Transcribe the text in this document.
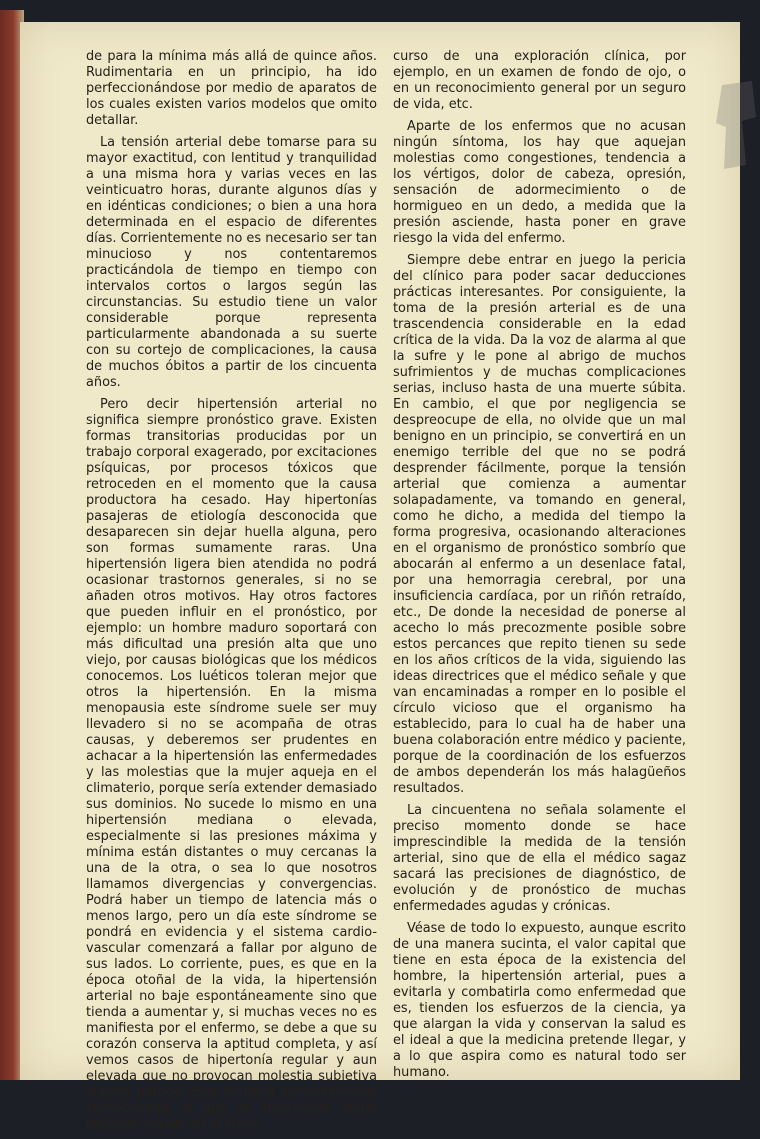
de para la mínima más allá de quince años. Rudimentaria en un principio, ha ido perfeccionándose por medio de aparatos de los cuales existen varios modelos que omito detallar.

La tensión arterial debe tomarse para su mayor exactitud, con lentitud y tranquilidad a una misma hora y varias veces en las veinticuatro horas, durante algunos días y en idénticas condiciones; o bien a una hora determinada en el espacio de diferentes días. Corrientemente no es necesario ser tan minucioso y nos contentaremos practicándola de tiempo en tiempo con intervalos cortos o largos según las circunstancias. Su estudio tiene un valor considerable porque representa particularmente abandonada a su suerte con su cortejo de complicaciones, la causa de muchos óbitos a partir de los cincuenta años.

Pero decir hipertensión arterial no significa siempre pronóstico grave. Existen formas transitorias producidas por un trabajo corporal exagerado, por excitaciones psíquicas, por procesos tóxicos que retroceden en el momento que la causa productora ha cesado. Hay hipertonías pasajeras de etiología desconocida que desaparecen sin dejar huella alguna, pero son formas sumamente raras. Una hipertensión ligera bien atendida no podrá ocasionar trastornos generales, si no se añaden otros motivos. Hay otros factores que pueden influir en el pronóstico, por ejemplo: un hombre maduro soportará con más dificultad una presión alta que uno viejo, por causas biológicas que los médicos conocemos. Los luéticos toleran mejor que otros la hipertensión. En la misma menopausia este síndrome suele ser muy llevadero si no se acompaña de otras causas, y deberemos ser prudentes en achacar a la hipertensión las enfermedades y las molestias que la mujer aqueja en el climaterio, porque sería extender demasiado sus dominios. No sucede lo mismo en una hipertensión mediana o elevada, especialmente si las presiones máxima y mínima están distantes o muy cercanas la una de la otra, o sea lo que nosotros llamamos divergencias y convergencias. Podrá haber un tiempo de latencia más o menos largo, pero un día este síndrome se pondrá en evidencia y el sistema cardio-vascular comenzará a fallar por alguno de sus lados. Lo corriente, pues, es que en la época otoñal de la vida, la hipertensión arterial no baje espontáneamente sino que tienda a aumentar y, si muchas veces no es manifiesta por el enfermo, se debe a que su corazón conserva la aptitud completa, y así vemos casos de hipertonía regular y aun elevada que no provocan molestia subjetiva alguna porque ésta se halla perfectamente compensada, y que se descubren como hallazgo casual en el trans-

curso de una exploración clínica, por ejemplo, en un examen de fondo de ojo, o en un reconocimiento general por un seguro de vida, etc.

Aparte de los enfermos que no acusan ningún síntoma, los hay que aquejan molestias como congestiones, tendencia a los vértigos, dolor de cabeza, opresión, sensación de adormecimiento o de hormigueo en un dedo, a medida que la presión asciende, hasta poner en grave riesgo la vida del enfermo.

Siempre debe entrar en juego la pericia del clínico para poder sacar deducciones prácticas interesantes. Por consiguiente, la toma de la presión arterial es de una trascendencia considerable en la edad crítica de la vida. Da la voz de alarma al que la sufre y le pone al abrigo de muchos sufrimientos y de muchas complicaciones serias, incluso hasta de una muerte súbita. En cambio, el que por negligencia se despreocupe de ella, no olvide que un mal benigno en un principio, se convertirá en un enemigo terrible del que no se podrá desprender fácilmente, porque la tensión arterial que comienza a aumentar solapadamente, va tomando en general, como he dicho, a medida del tiempo la forma progresiva, ocasionando alteraciones en el organismo de pronóstico sombrío que abocarán al enfermo a un desenlace fatal, por una hemorragia cerebral, por una insuficiencia cardíaca, por un riñón retraído, etc., De donde la necesidad de ponerse al acecho lo más precozmente posible sobre estos percances que repito tienen su sede en los años críticos de la vida, siguiendo las ideas directrices que el médico señale y que van encaminadas a romper en lo posible el círculo vicioso que el organismo ha establecido, para lo cual ha de haber una buena colaboración entre médico y paciente, porque de la coordinación de los esfuerzos de ambos dependerán los más halagüeños resultados.

La cincuentena no señala solamente el preciso momento donde se hace imprescindible la medida de la tensión arterial, sino que de ella el médico sagaz sacará las precisiones de diagnóstico, de evolución y de pronóstico de muchas enfermedades agudas y crónicas.

Véase de todo lo expuesto, aunque escrito de una manera sucinta, el valor capital que tiene en esta época de la existencia del hombre, la hipertensión arterial, pues a evitarla y combatirla como enfermedad que es, tienden los esfuerzos de la ciencia, ya que alargan la vida y conservan la salud es el ideal a que la medicina pretende llegar, y a lo que aspira como es natural todo ser humano.
